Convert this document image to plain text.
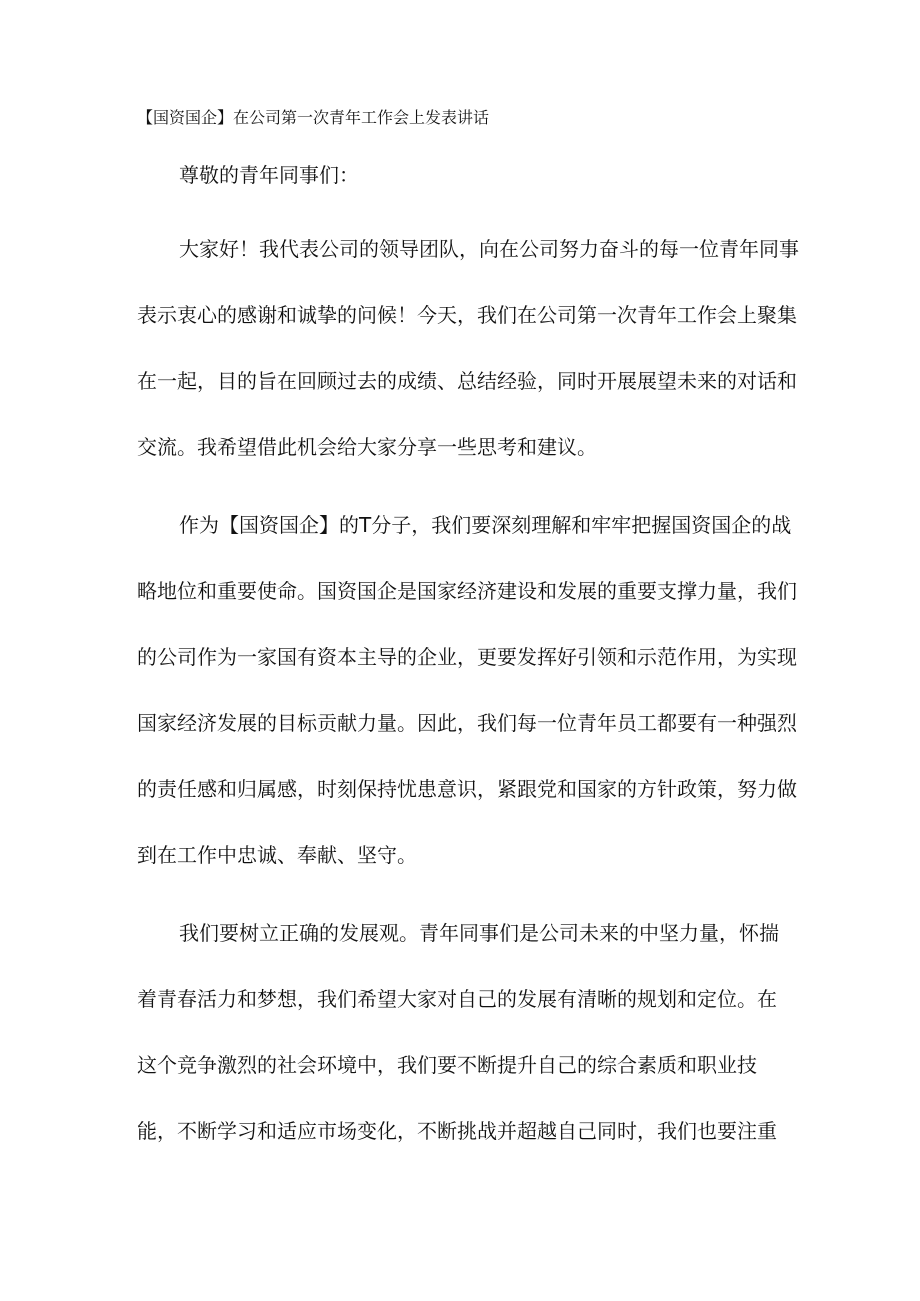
【国资国企】在公司第一次青年工作会上发表讲话
尊敬的青年同事们：
大家好！我代表公司的领导团队，向在公司努力奋斗的每一位青年同事
表示衷心的感谢和诚挚的问候！今天，我们在公司第一次青年工作会上聚集
在一起，目的旨在回顾过去的成绩、总结经验，同时开展展望未来的对话和
交流。我希望借此机会给大家分享一些思考和建议。
作为【国资国企】的T分子，我们要深刻理解和牢牢把握国资国企的战
略地位和重要使命。国资国企是国家经济建设和发展的重要支撑力量，我们
的公司作为一家国有资本主导的企业，更要发挥好引领和示范作用，为实现
国家经济发展的目标贡献力量。因此，我们每一位青年员工都要有一种强烈
的责任感和归属感，时刻保持忧患意识，紧跟党和国家的方针政策，努力做
到在工作中忠诚、奉献、坚守。
我们要树立正确的发展观。青年同事们是公司未来的中坚力量，怀揣
着青春活力和梦想，我们希望大家对自己的发展有清晰的规划和定位。在
这个竞争激烈的社会环境中，我们要不断提升自己的综合素质和职业技
能，不断学习和适应市场变化，不断挑战并超越自己同时，我们也要注重
